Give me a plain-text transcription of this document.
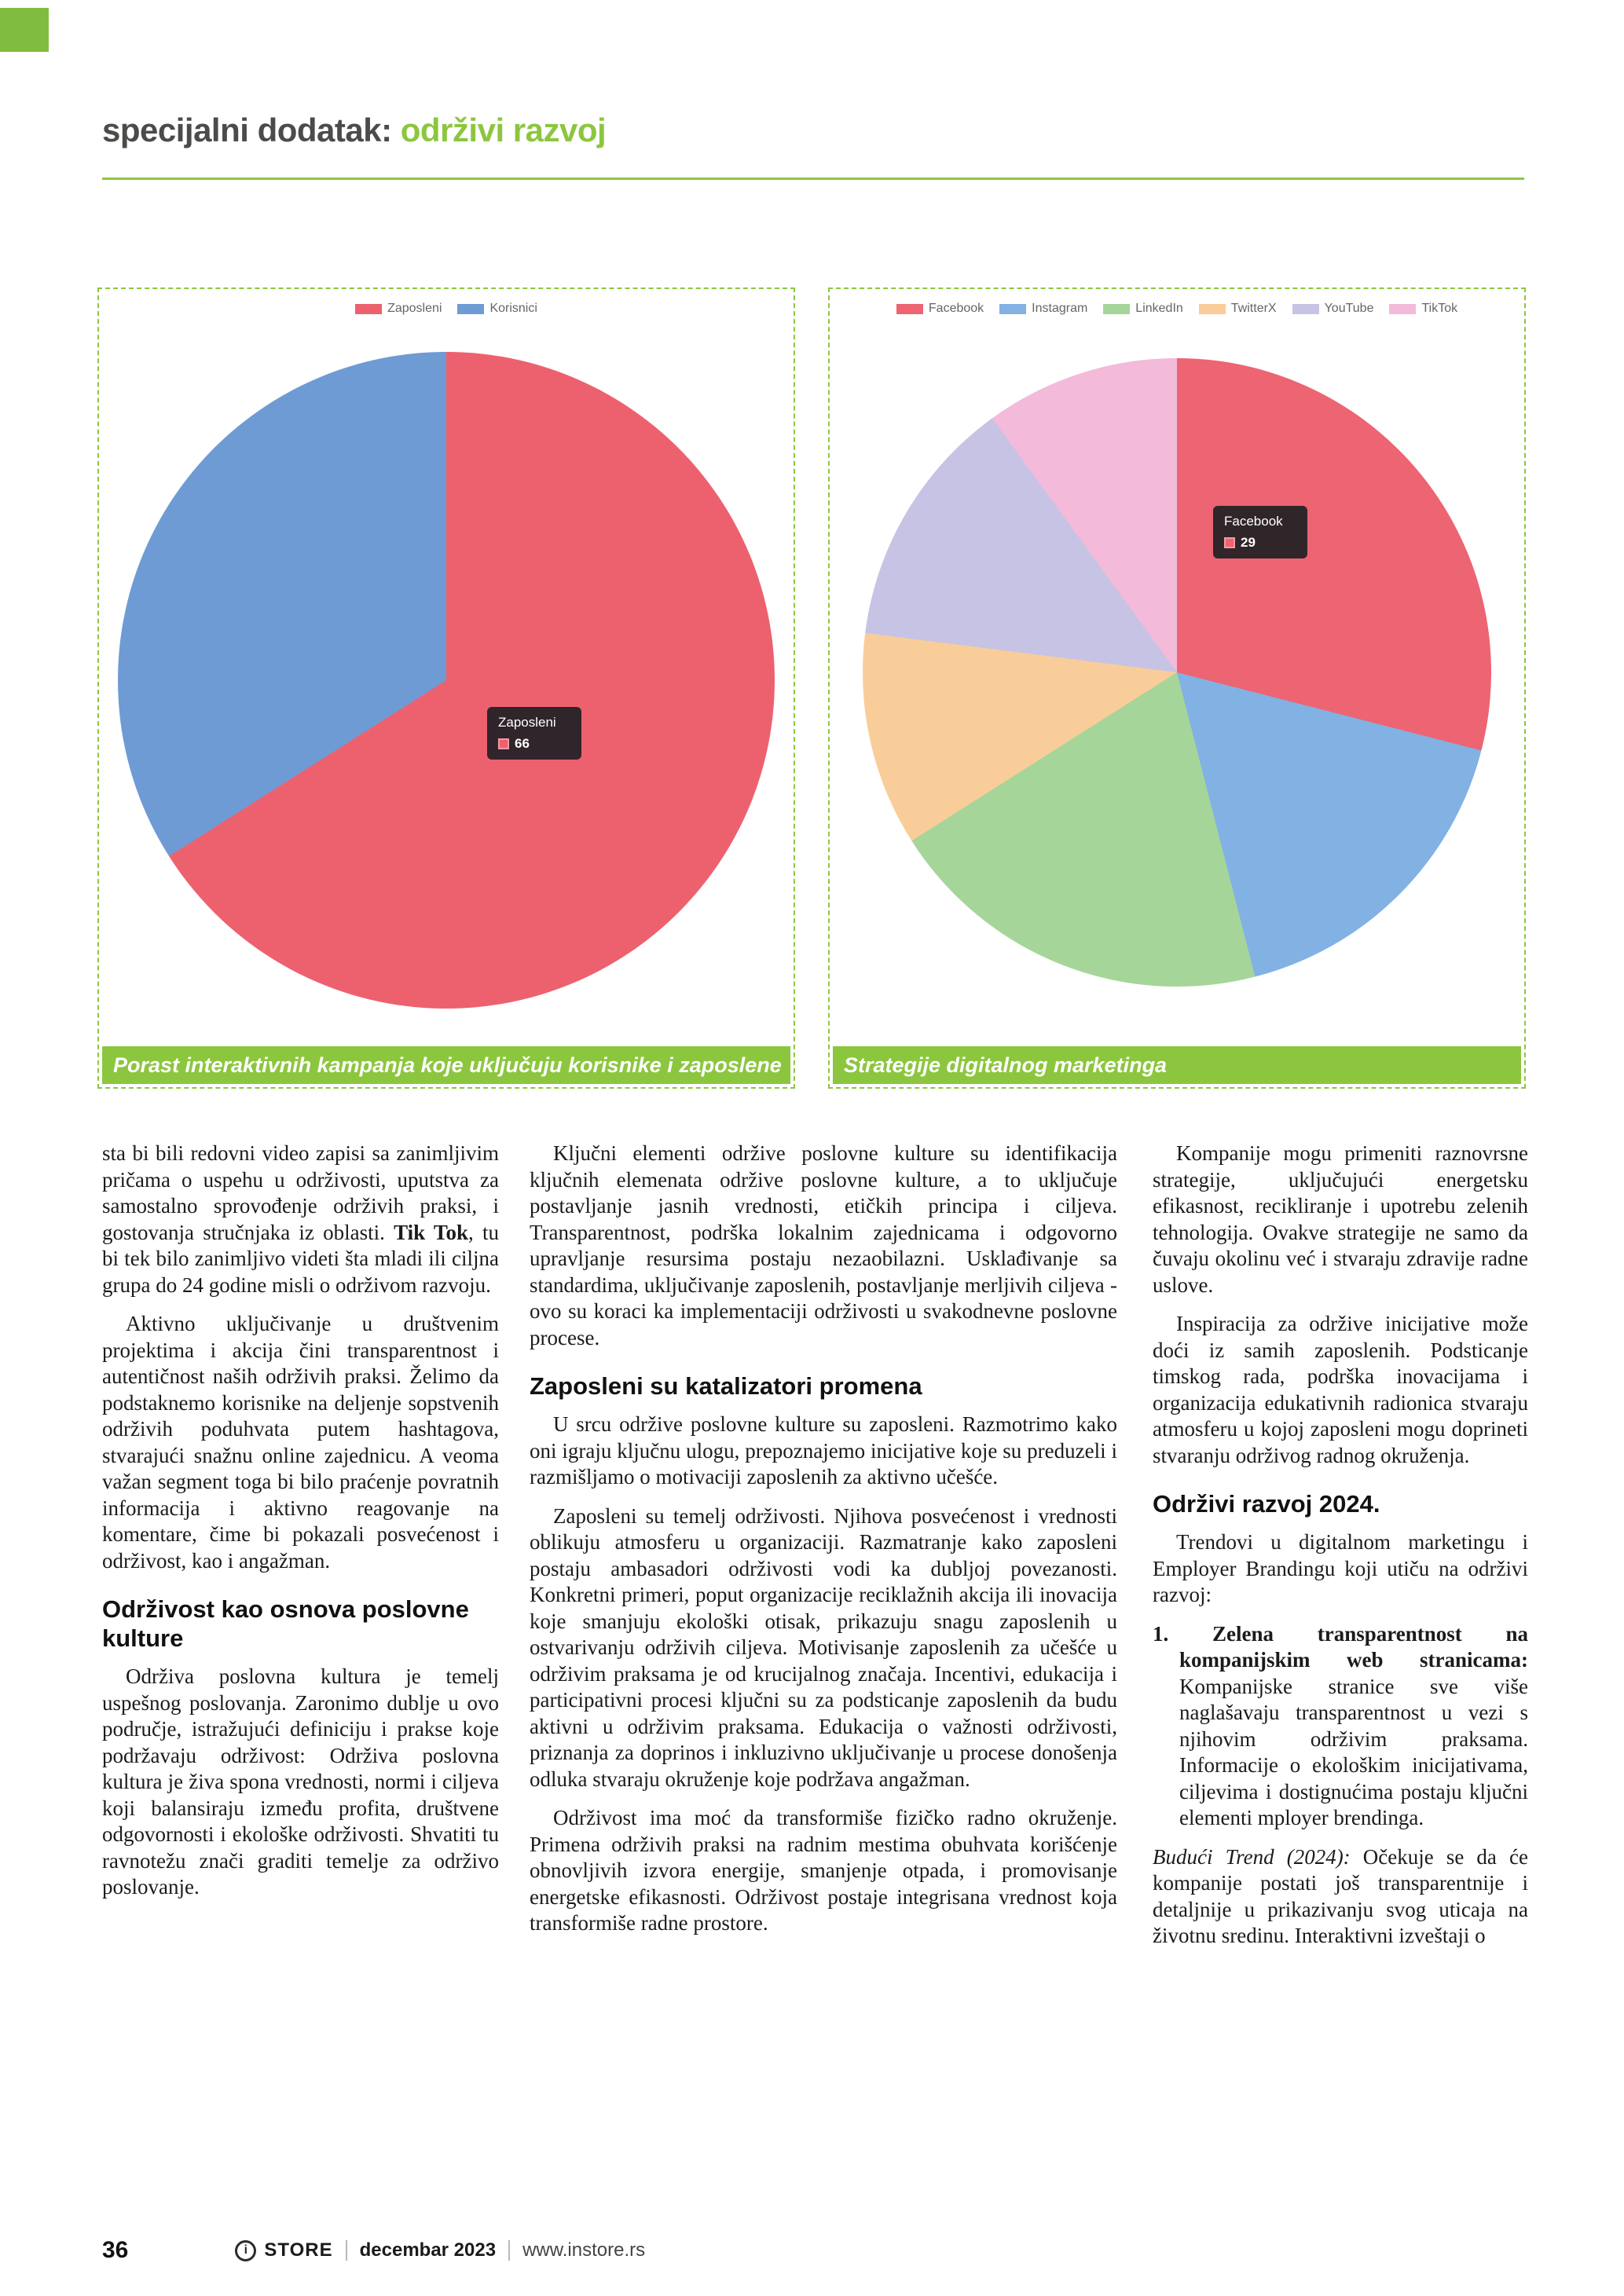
specijalni dodatak: održivi razvoj
Zaposleni	Korisnici
Zaposleni
66
Porast interaktivnih kampanja koje uključuju korisnike i zaposlene
Facebook	Instagram	LinkedIn	TwitterX	YouTube	TikTok
Facebook
29
Strategije digitalnog marketinga

sta bi bili redovni video zapisi sa zanimljivim pričama o uspehu u održivosti, uputstva za samostalno sprovođenje održivih praksi, i gostovanja stručnjaka iz oblasti. Tik Tok, tu bi tek bilo zanimljivo videti šta mladi ili ciljna grupa do 24 godine misli o održivom razvoju.

Aktivno uključivanje u društvenim projektima i akcija čini transparentnost i autentičnost naših održivih praksi. Želimo da podstaknemo korisnike na deljenje sopstvenih održivih poduhvata putem hashtagova, stvarajući snažnu online zajednicu. A veoma važan segment toga bi bilo praćenje povratnih informacija i aktivno reagovanje na komentare, čime bi pokazali posvećenost i održivost, kao i angažman.

Održivost kao osnova poslovne kulture

Održiva poslovna kultura je temelj uspešnog poslovanja. Zaronimo dublje u ovo područje, istražujući definiciju i prakse koje podržavaju održivost: Održiva poslovna kultura je živa spona vrednosti, normi i ciljeva koji balansiraju između profita, društvene odgovornosti i ekološke održivosti. Shvatiti tu ravnotežu znači graditi temelje za održivo poslovanje.

Ključni elementi održive poslovne kulture su identifikacija ključnih elemenata održive poslovne kulture, a to uključuje postavljanje jasnih vrednosti, etičkih principa i ciljeva. Transparentnost, podrška lokalnim zajednicama i odgovorno upravljanje resursima postaju nezaobilazni. Usklađivanje sa standardima, uključivanje zaposlenih, postavljanje merljivih ciljeva - ovo su koraci ka implementaciji održivosti u svakodnevne poslovne procese.

Zaposleni su katalizatori promena

U srcu održive poslovne kulture su zaposleni. Razmotrimo kako oni igraju ključnu ulogu, prepoznajemo inicijative koje su preduzeli i razmišljamo o motivaciji zaposlenih za aktivno učešće.

Zaposleni su temelj održivosti. Njihova posvećenost i vrednosti oblikuju atmosferu u organizaciji. Razmatranje kako zaposleni postaju ambasadori održivosti vodi ka dubljoj povezanosti. Konkretni primeri, poput organizacije reciklažnih akcija ili inovacija koje smanjuju ekološki otisak, prikazuju snagu zaposlenih u ostvarivanju održivih ciljeva. Motivisanje zaposlenih za učešće u održivim praksama je od krucijalnog značaja. Incentivi, edukacija i participativni procesi ključni su za podsticanje zaposlenih da budu aktivni u održivim praksama. Edukacija o važnosti održivosti, priznanja za doprinos i inkluzivno uključivanje u procese donošenja odluka stvaraju okruženje koje podržava angažman.

Održivost ima moć da transformiše fizičko radno okruženje. Primena održivih praksi na radnim mestima obuhvata korišćenje obnovljivih izvora energije, smanjenje otpada, i promovisanje energetske efikasnosti. Održivost postaje integrisana vrednost koja transformiše radne prostore.

Kompanije mogu primeniti raznovrsne strategije, uključujući energetsku efikasnost, recikliranje i upotrebu zelenih tehnologija. Ovakve strategije ne samo da čuvaju okolinu već i stvaraju zdravije radne uslove.

Inspiracija za održive inicijative može doći iz samih zaposlenih. Podsticanje timskog rada, podrška inovacijama i organizacija edukativnih radionica stvaraju atmosferu u kojoj zaposleni mogu doprineti stvaranju održivog radnog okruženja.

Održivi razvoj 2024.

Trendovi u digitalnom marketingu i Employer Brandingu koji utiču na održivi razvoj:

1. Zelena transparentnost na kompanijskim web stranicama: Kompanijske stranice sve više naglašavaju transparentnost u vezi s njihovim održivim praksama. Informacije o ekološkim inicijativama, ciljevima i dostignućima postaju ključni elementi mployer brendinga.

Budući Trend (2024): Očekuje se da će kompanije postati još transparentnije i detaljnije u prikazivanju svog uticaja na životnu sredinu. Interaktivni izveštaji o

36	i STORE decembar 2023 www.instore.rs
